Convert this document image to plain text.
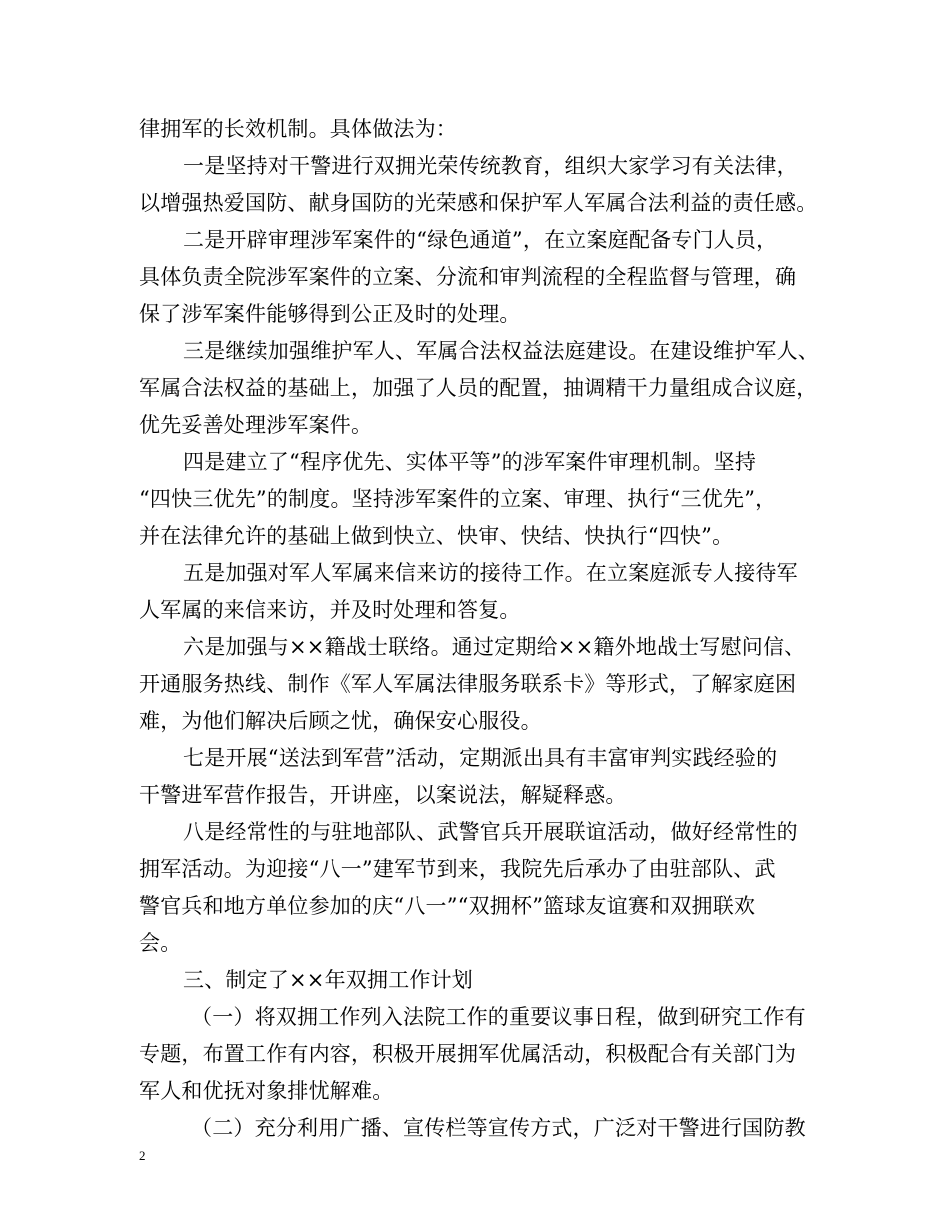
律拥军的长效机制。具体做法为：
一是坚持对干警进行双拥光荣传统教育，组织大家学习有关法律，
以增强热爱国防、献身国防的光荣感和保护军人军属合法利益的责任感。
二是开辟审理涉军案件的“绿色通道”，在立案庭配备专门人员，
具体负责全院涉军案件的立案、分流和审判流程的全程监督与管理，确
保了涉军案件能够得到公正及时的处理。
三是继续加强维护军人、军属合法权益法庭建设。在建设维护军人、
军属合法权益的基础上，加强了人员的配置，抽调精干力量组成合议庭，
优先妥善处理涉军案件。
四是建立了“程序优先、实体平等”的涉军案件审理机制。坚持
“四快三优先”的制度。坚持涉军案件的立案、审理、执行“三优先”，
并在法律允许的基础上做到快立、快审、快结、快执行“四快”。
五是加强对军人军属来信来访的接待工作。在立案庭派专人接待军
人军属的来信来访，并及时处理和答复。
六是加强与××籍战士联络。通过定期给××籍外地战士写慰问信、
开通服务热线、制作《军人军属法律服务联系卡》等形式，了解家庭困
难，为他们解决后顾之忧，确保安心服役。
七是开展“送法到军营”活动，定期派出具有丰富审判实践经验的
干警进军营作报告，开讲座，以案说法，解疑释惑。
八是经常性的与驻地部队、武警官兵开展联谊活动，做好经常性的
拥军活动。为迎接“八一”建军节到来，我院先后承办了由驻部队、武
警官兵和地方单位参加的庆“八一”“双拥杯”篮球友谊赛和双拥联欢
会。
三、制定了××年双拥工作计划
（一）将双拥工作列入法院工作的重要议事日程，做到研究工作有
专题，布置工作有内容，积极开展拥军优属活动，积极配合有关部门为
军人和优抚对象排忧解难。
（二）充分利用广播、宣传栏等宣传方式，广泛对干警进行国防教
2
